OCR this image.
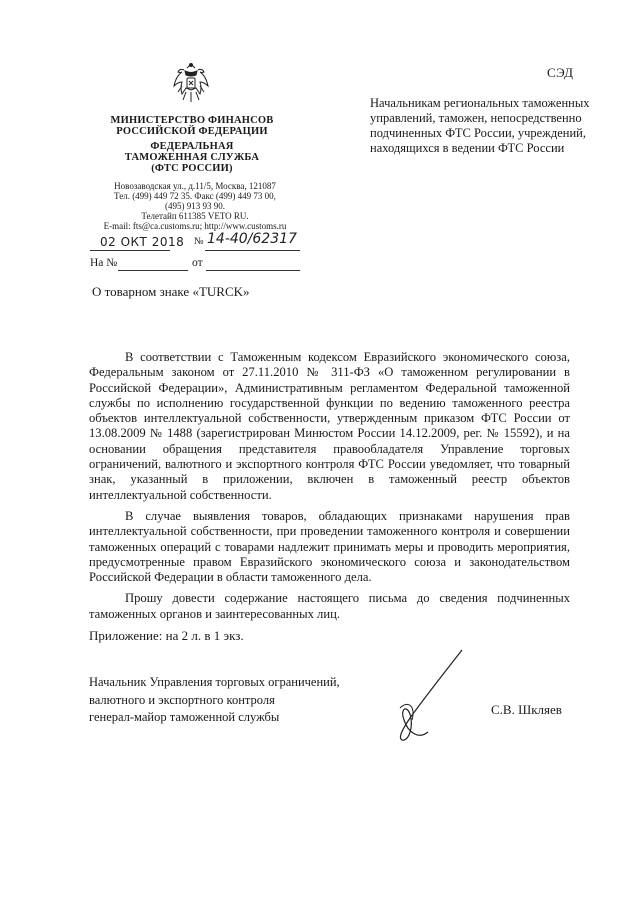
МИНИСТЕРСТВО ФИНАНСОВ
РОССИЙСКОЙ ФЕДЕРАЦИИ
ФЕДЕРАЛЬНАЯ
ТАМОЖЕННАЯ СЛУЖБА
(ФТС РОССИИ)
Новозаводская ул., д.11/5, Москва, 121087
Тел. (499) 449 72 35. Факс (499) 449 73 00,
(495) 913 93 90.
Телетайп 611385 VETO RU.
E-mail: fts@ca.customs.ru; http://www.customs.ru
02 ОКТ 2018 № 14-40/62317
На №	от
СЭД
Начальникам региональных таможенных управлений, таможен, непосредственно подчиненных ФТС России, учреждений, находящихся в ведении ФТС России
О товарном знаке «TURCK»

В соответствии с Таможенным кодексом Евразийского экономического союза, Федеральным законом от 27.11.2010 № 311-ФЗ «О таможенном регулировании в Российской Федерации», Административным регламентом Федеральной таможенной службы по исполнению государственной функции по ведению таможенного реестра объектов интеллектуальной собственности, утвержденным приказом ФТС России от 13.08.2009 № 1488 (зарегистрирован Минюстом России 14.12.2009, рег. № 15592), и на основании обращения представителя правообладателя Управление торговых ограничений, валютного и экспортного контроля ФТС России уведомляет, что товарный знак, указанный в приложении, включен в таможенный реестр объектов интеллектуальной собственности.

В случае выявления товаров, обладающих признаками нарушения прав интеллектуальной собственности, при проведении таможенного контроля и совершении таможенных операций с товарами надлежит принимать меры и проводить мероприятия, предусмотренные правом Евразийского экономического союза и законодательством Российской Федерации в области таможенного дела.

Прошу довести содержание настоящего письма до сведения подчиненных таможенных органов и заинтересованных лиц.

Приложение: на 2 л. в 1 экз.
Начальник Управления торговых ограничений,
валютного и экспортного контроля
генерал-майор таможенной службы	С.В. Шкляев
